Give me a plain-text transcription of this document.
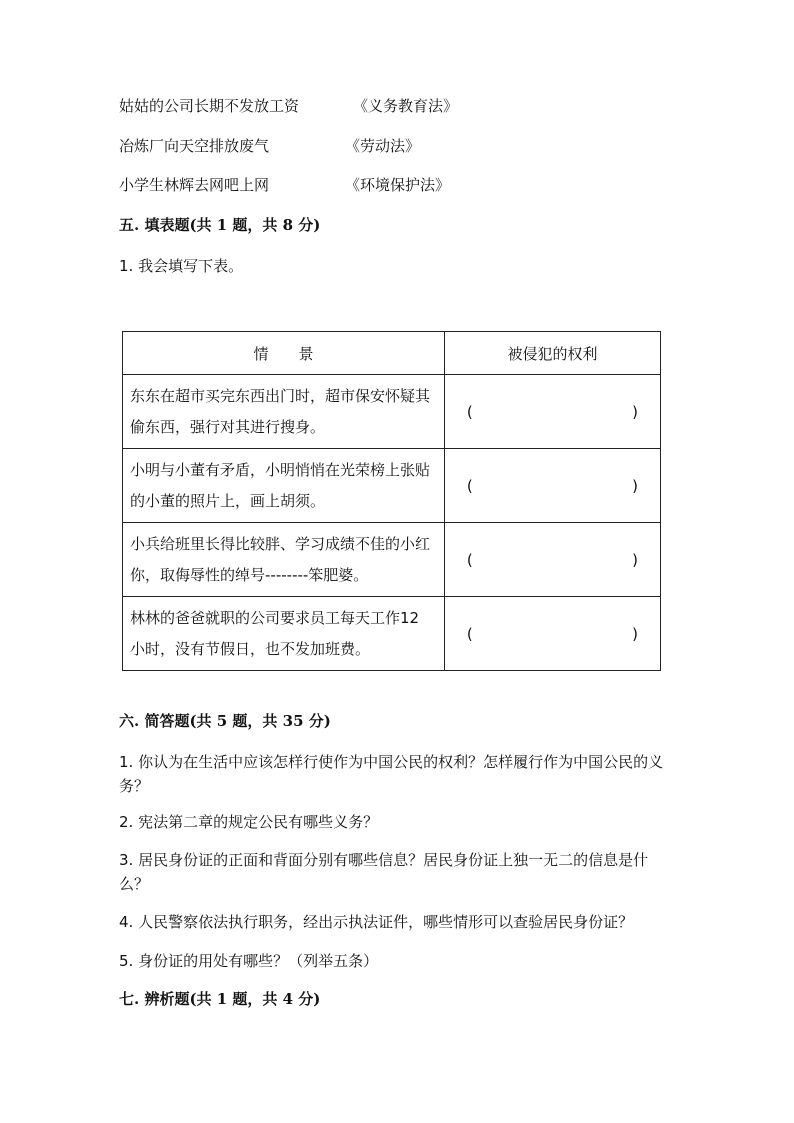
姑姑的公司长期不发放工资	《义务教育法》
冶炼厂向天空排放废气	《劳动法》
小学生林辉去网吧上网	《环境保护法》
五. 填表题(共 1 题，共 8 分)
1. 我会填写下表。
情　　景	被侵犯的权利
东东在超市买完东西出门时，超市保安怀疑其偷东西，强行对其进行搜身。	( )

小明与小董有矛盾，小明悄悄在光荣榜上张贴的小董的照片上，画上胡须。	( )

小兵给班里长得比较胖、学习成绩不佳的小红你，取侮辱性的绰号--------笨肥婆。	( )

林林的爸爸就职的公司要求员工每天工作12 小时，没有节假日，也不发加班费。	( )
六. 简答题(共 5 题，共 35 分)
1. 你认为在生活中应该怎样行使作为中国公民的权利？怎样履行作为中国公民的义务？
2. 宪法第二章的规定公民有哪些义务？
3. 居民身份证的正面和背面分别有哪些信息？居民身份证上独一无二的信息是什么？
4. 人民警察依法执行职务，经出示执法证件，哪些情形可以查验居民身份证？
5. 身份证的用处有哪些？（列举五条）
七. 辨析题(共 1 题，共 4 分)
